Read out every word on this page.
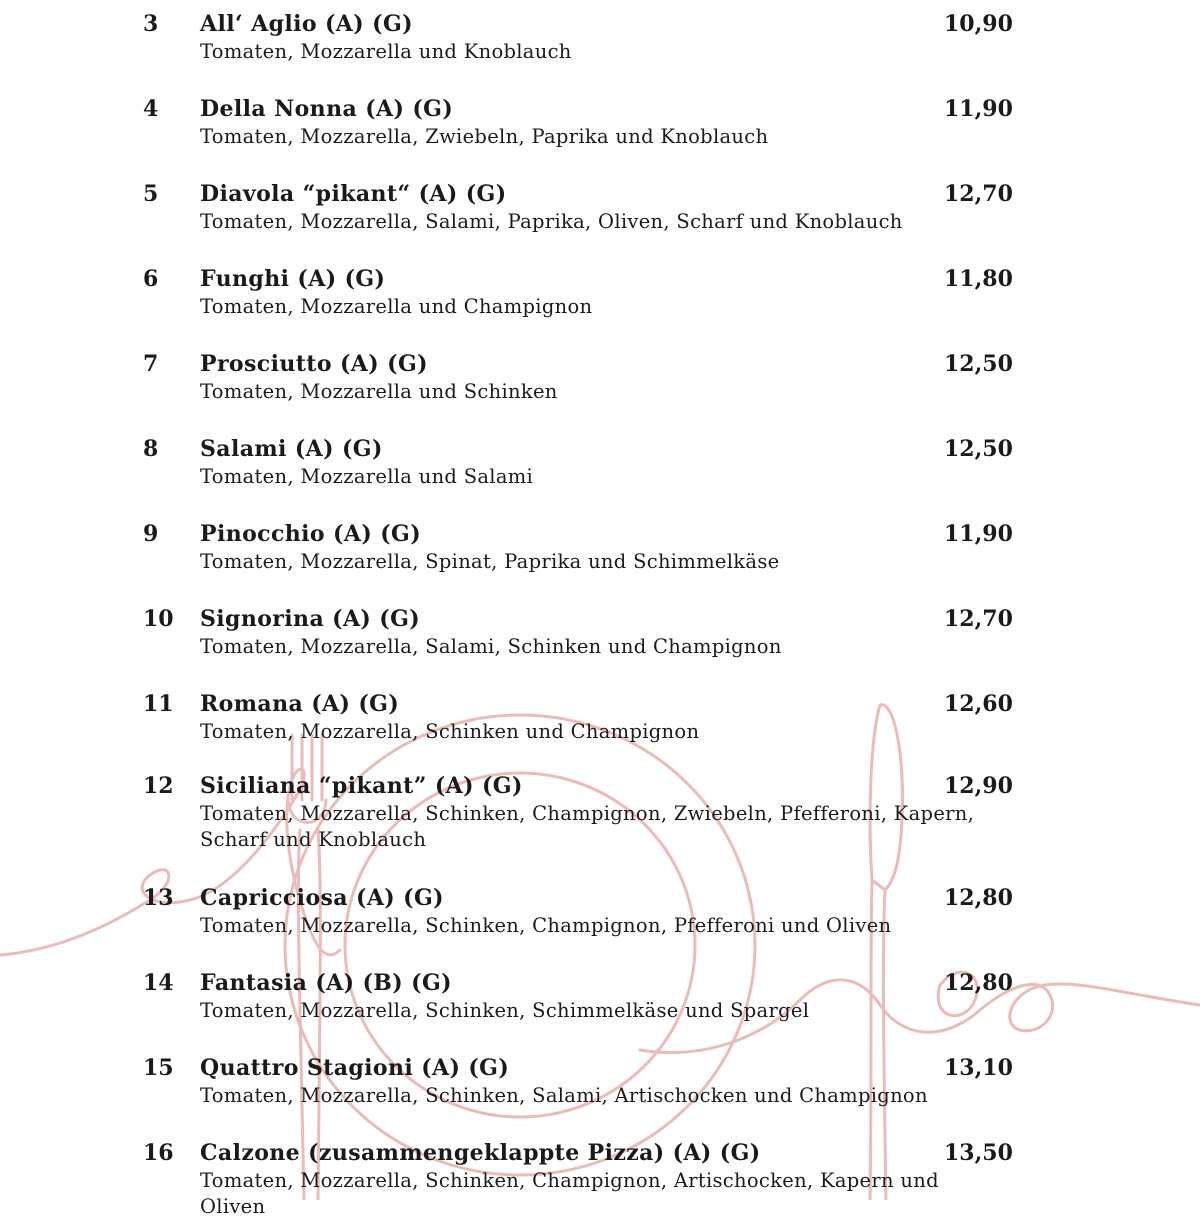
3 All‘ Aglio (A) (G)	10,90
Tomaten, Mozzarella und Knoblauch
4 Della Nonna (A) (G)	11,90
Tomaten, Mozzarella, Zwiebeln, Paprika und Knoblauch
5 Diavola “pikant“ (A) (G)	12,70
Tomaten, Mozzarella, Salami, Paprika, Oliven, Scharf und Knoblauch
6 Funghi (A) (G)	11,80
Tomaten, Mozzarella und Champignon
7 Prosciutto (A) (G)	12,50
Tomaten, Mozzarella und Schinken
8 Salami (A) (G)	12,50
Tomaten, Mozzarella und Salami
9 Pinocchio (A) (G)	11,90
Tomaten, Mozzarella, Spinat, Paprika und Schimmelkäse
10 Signorina (A) (G)	12,70
Tomaten, Mozzarella, Salami, Schinken und Champignon
11 Romana (A) (G)	12,60
Tomaten, Mozzarella, Schinken und Champignon
12 Siciliana “pikant” (A) (G)	12,90
Tomaten, Mozzarella, Schinken, Champignon, Zwiebeln, Pfefferoni, Kapern, Scharf und Knoblauch
13 Capricciosa (A) (G)	12,80
Tomaten, Mozzarella, Schinken, Champignon, Pfefferoni und Oliven
14 Fantasia (A) (B) (G)	12,80
Tomaten, Mozzarella, Schinken, Schimmelkäse und Spargel
15 Quattro Stagioni (A) (G)	13,10
Tomaten, Mozzarella, Schinken, Salami, Artischocken und Champignon
16 Calzone (zusammengeklappte Pizza) (A) (G)	13,50
Tomaten, Mozzarella, Schinken, Champignon, Artischocken, Kapern und Oliven
